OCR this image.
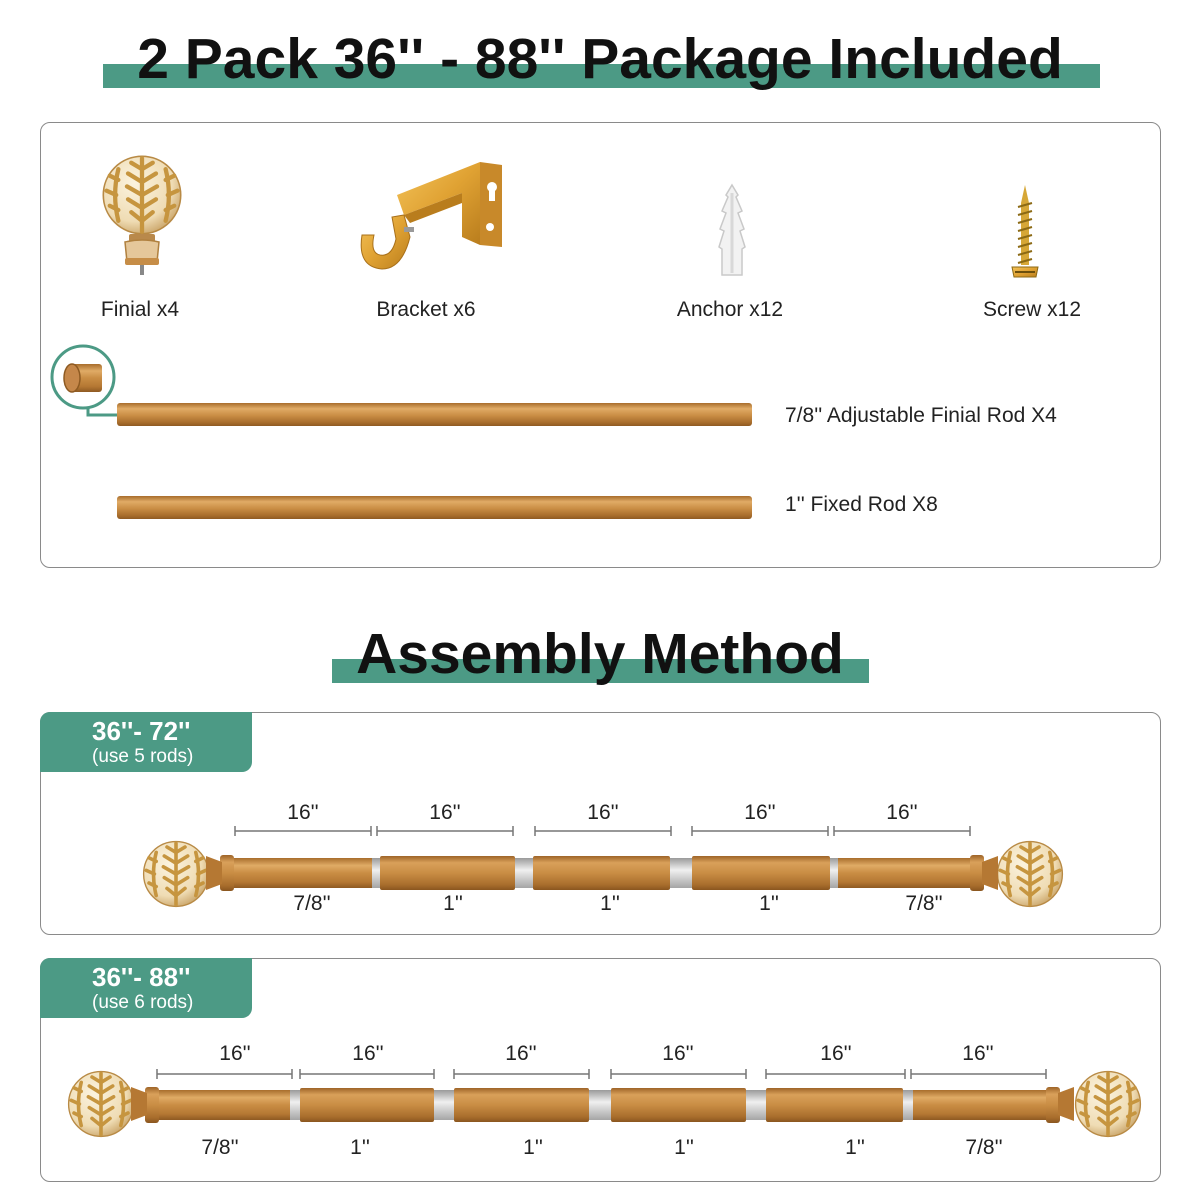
2 Pack 36'' - 88'' Package Included
Finial x4	Bracket x6	Anchor x12	Screw x12
7/8'' Adjustable Finial Rod X4
1'' Fixed Rod X8
Assembly Method
36''- 72''
(use 5 rods)
16''	16''	16''	16''	16''
7/8''	1''	1''	1''	7/8''
36''- 88''
(use 6 rods)
16''	16''	16''	16''	16''	16''
7/8''	1''	1''	1''	1''	7/8''
